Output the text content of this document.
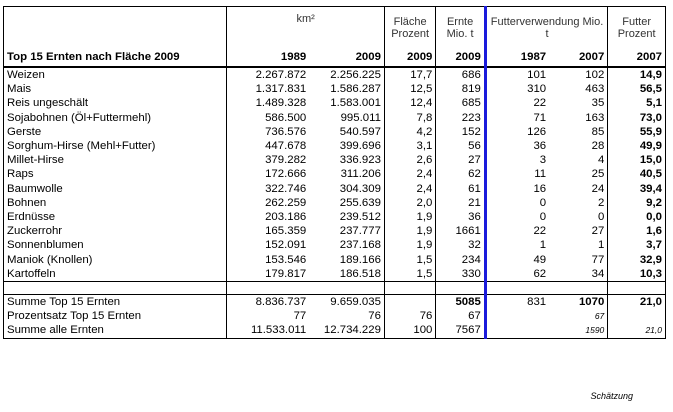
	km²		Fläche Prozent	Ernte Mio. t	Futterverwendung Mio. t		Futter Prozent
Top 15 Ernten nach Fläche 2009	1989	2009	2009	2009	1987	2007	2007
Weizen	2.267.872	2.256.225	17,7	686	101	102	14,9
Mais	1.317.831	1.586.287	12,5	819	310	463	56,5
Reis ungeschält	1.489.328	1.583.001	12,4	685	22	35	5,1
Sojabohnen (Öl+Futtermehl)	586.500	995.011	7,8	223	71	163	73,0
Gerste	736.576	540.597	4,2	152	126	85	55,9
Sorghum-Hirse (Mehl+Futter)	447.678	399.696	3,1	56	36	28	49,9
Millet-Hirse	379.282	336.923	2,6	27	3	4	15,0
Raps	172.666	311.206	2,4	62	11	25	40,5
Baumwolle	322.746	304.309	2,4	61	16	24	39,4
Bohnen	262.259	255.639	2,0	21	0	2	9,2
Erdnüsse	203.186	239.512	1,9	36	0	0	0,0
Zuckerrohr	165.359	237.777	1,9	1661	22	27	1,6
Sonnenblumen	152.091	237.168	1,9	32	1	1	3,7
Maniok (Knollen)	153.546	189.166	1,5	234	49	77	32,9
Kartoffeln	179.817	186.518	1,5	330	62	34	10,3

Summe Top 15 Ernten	8.836.737	9.659.035		5085	831	1070	21,0
Prozentsatz Top 15 Ernten	77	76	76	67		67	
Summe alle Ernten	11.533.011	12.734.229	100	7567		1590	21,0
Schätzung
